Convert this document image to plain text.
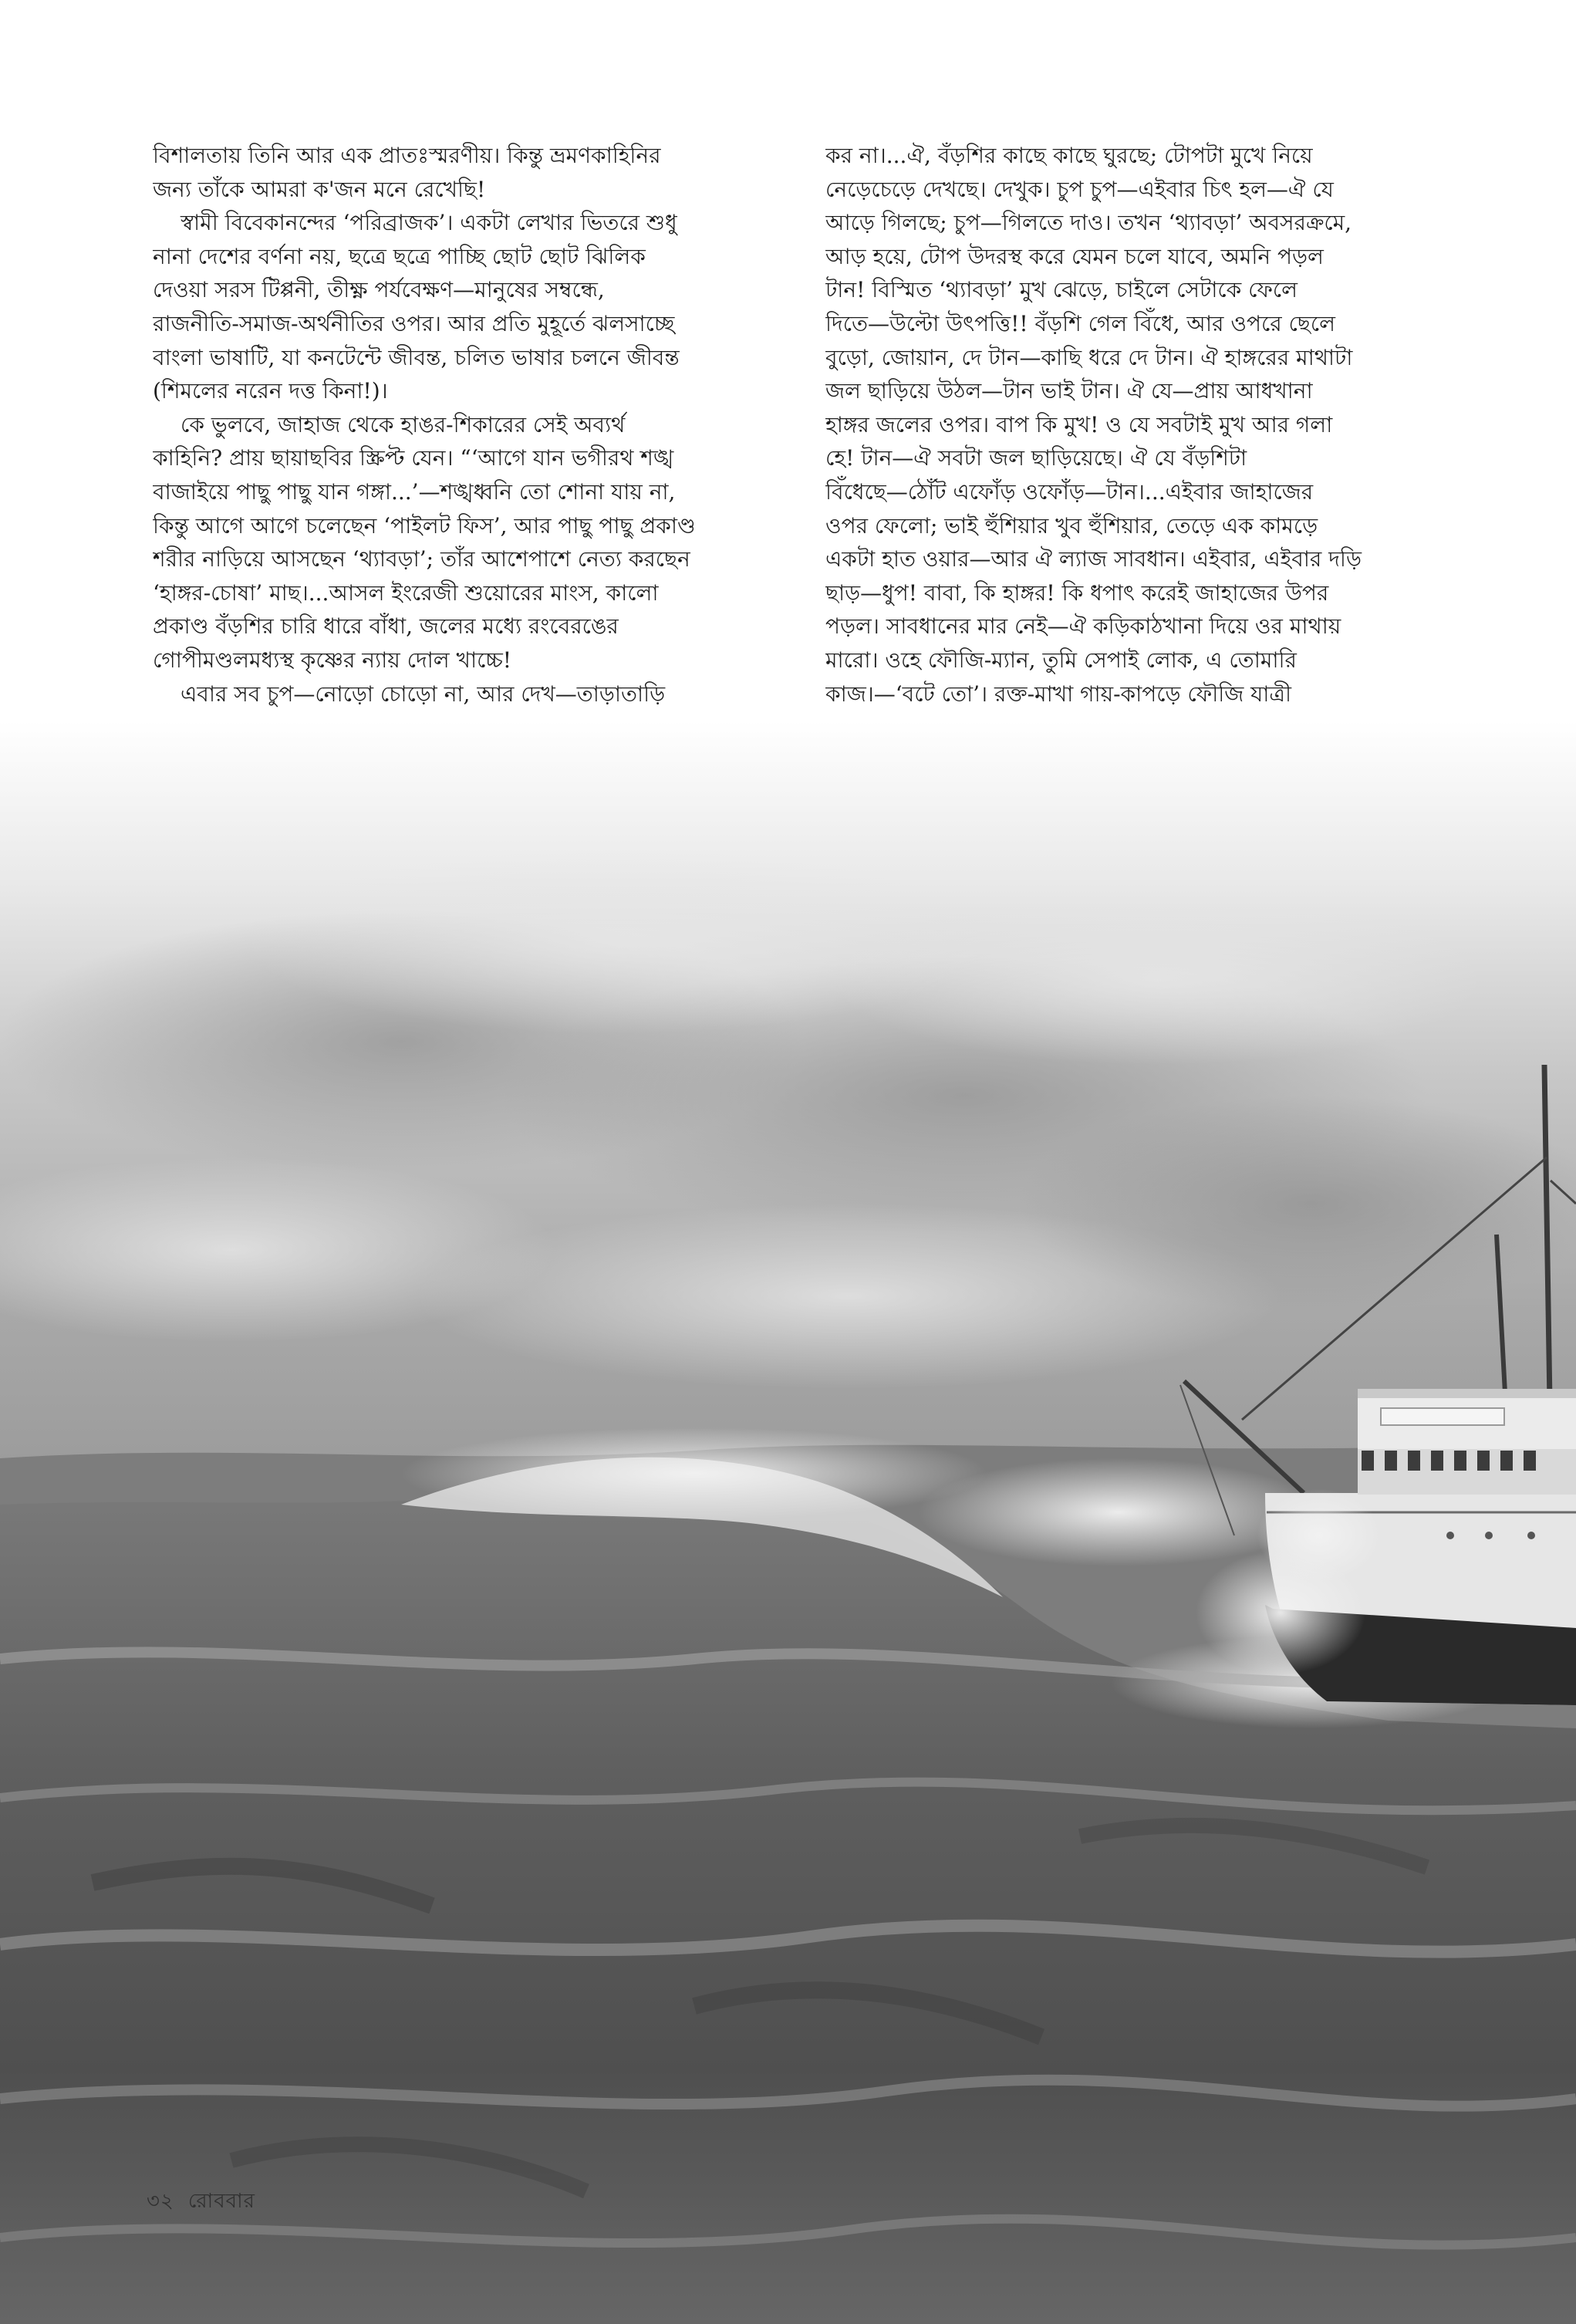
বিশালতায় তিনি আর এক প্রাতঃস্মরণীয়। কিন্তু ভ্রমণকাহিনির
জন্য তাঁকে আমরা ক'জন মনে রেখেছি!
স্বামী বিবেকানন্দের ‘পরিব্রাজক’। একটা লেখার ভিতরে শুধু
নানা দেশের বর্ণনা নয়, ছত্রে ছত্রে পাচ্ছি ছোট ছোট ঝিলিক
দেওয়া সরস টিপ্পনী, তীক্ষ্ণ পর্যবেক্ষণ—মানুষের সম্বন্ধে,
রাজনীতি-সমাজ-অর্থনীতির ওপর। আর প্রতি মুহূর্তে ঝলসাচ্ছে
বাংলা ভাষাটি, যা কনটেন্টে জীবন্ত, চলিত ভাষার চলনে জীবন্ত
(শিমলের নরেন দত্ত কিনা!)।
কে ভুলবে, জাহাজ থেকে হাঙর-শিকারের সেই অব্যর্থ
কাহিনি? প্রায় ছায়াছবির স্ক্রিপ্ট যেন। “‘আগে যান ভগীরথ শঙ্খ
বাজাইয়ে পাছু পাছু যান গঙ্গা...’—শঙ্খধ্বনি তো শোনা যায় না,
কিন্তু আগে আগে চলেছেন ‘পাইলট ফিস’, আর পাছু পাছু প্রকাণ্ড
শরীর নাড়িয়ে আসছেন ‘থ্যাবড়া’; তাঁর আশেপাশে নেত্য করছেন
‘হাঙ্গর-চোষা’ মাছ।...আসল ইংরেজী শুয়োরের মাংস, কালো
প্রকাণ্ড বঁড়শির চারি ধারে বাঁধা, জলের মধ্যে রংবেরঙের
গোপীমণ্ডলমধ্যস্থ কৃষ্ণের ন্যায় দোল খাচ্চে!
এবার সব চুপ—নোড়ো চোড়ো না, আর দেখ—তাড়াতাড়ি
কর না।...ঐ, বঁড়শির কাছে কাছে ঘুরছে; টোপটা মুখে নিয়ে
নেড়েচেড়ে দেখছে। দেখুক। চুপ চুপ—এইবার চিৎ হল—ঐ যে
আড়ে গিলছে; চুপ—গিলতে দাও। তখন ‘থ্যাবড়া’ অবসরক্রমে,
আড় হয়ে, টোপ উদরস্থ করে যেমন চলে যাবে, অমনি পড়ল
টান! বিস্মিত ‘থ্যাবড়া’ মুখ ঝেড়ে, চাইলে সেটাকে ফেলে
দিতে—উল্টো উৎপত্তি!! বঁড়শি গেল বিঁধে, আর ওপরে ছেলে
বুড়ো, জোয়ান, দে টান—কাছি ধরে দে টান। ঐ হাঙ্গরের মাথাটা
জল ছাড়িয়ে উঠল—টান ভাই টান। ঐ যে—প্রায় আধখানা
হাঙ্গর জলের ওপর। বাপ কি মুখ! ও যে সবটাই মুখ আর গলা
হে! টান—ঐ সবটা জল ছাড়িয়েছে। ঐ যে বঁড়শিটা
বিঁধেছে—ঠোঁট এফোঁড় ওফোঁড়—টান।...এইবার জাহাজের
ওপর ফেলো; ভাই হুঁশিয়ার খুব হুঁশিয়ার, তেড়ে এক কামড়ে
একটা হাত ওয়ার—আর ঐ ল্যাজ সাবধান। এইবার, এইবার দড়ি
ছাড়—ধুপ! বাবা, কি হাঙ্গর! কি ধপাৎ করেই জাহাজের উপর
পড়ল। সাবধানের মার নেই—ঐ কড়িকাঠখানা দিয়ে ওর মাথায়
মারো। ওহে ফৌজি-ম্যান, তুমি সেপাই লোক, এ তোমারি
কাজ।—‘বটে তো’। রক্ত-মাখা গায়-কাপড়ে ফৌজি যাত্রী
৩২ রোববার
